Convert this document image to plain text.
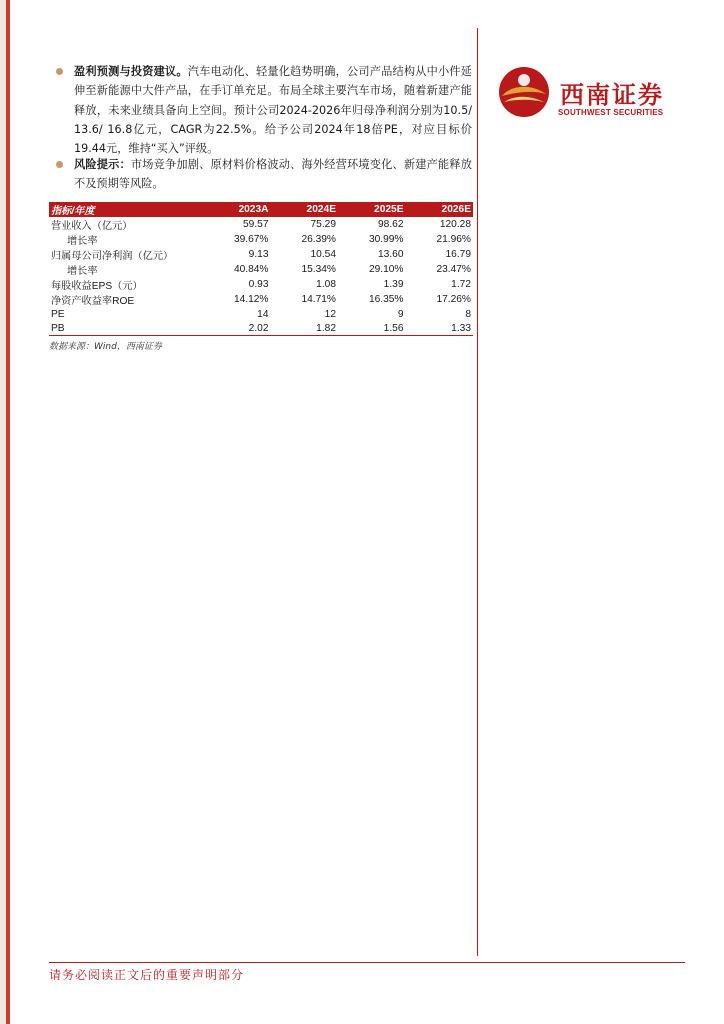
西南证券
SOUTHWEST SECURITIES
盈利预测与投资建议。汽车电动化、轻量化趋势明确，公司产品结构从中小件延伸至新能源中大件产品，在手订单充足。布局全球主要汽车市场，随着新建产能释放，未来业绩具备向上空间。预计公司2024-2026年归母净利润分别为10.5/ 13.6/ 16.8亿元，CAGR为22.5%。给予公司2024年18倍PE，对应目标价 19.44元，维持“买入”评级。
风险提示：市场竞争加剧、原材料价格波动、海外经营环境变化、新建产能释放不及预期等风险。
指标/年度	2023A	2024E	2025E	2026E
营业收入（亿元）	59.57	75.29	98.62	120.28
增长率	39.67%	26.39%	30.99%	21.96%
归属母公司净利润（亿元）	9.13	10.54	13.60	16.79
增长率	40.84%	15.34%	29.10%	23.47%
每股收益EPS（元）	0.93	1.08	1.39	1.72
净资产收益率ROE	14.12%	14.71%	16.35%	17.26%
PE	14	12	9	8
PB	2.02	1.82	1.56	1.33
数据来源：Wind，西南证券
请务必阅读正文后的重要声明部分
